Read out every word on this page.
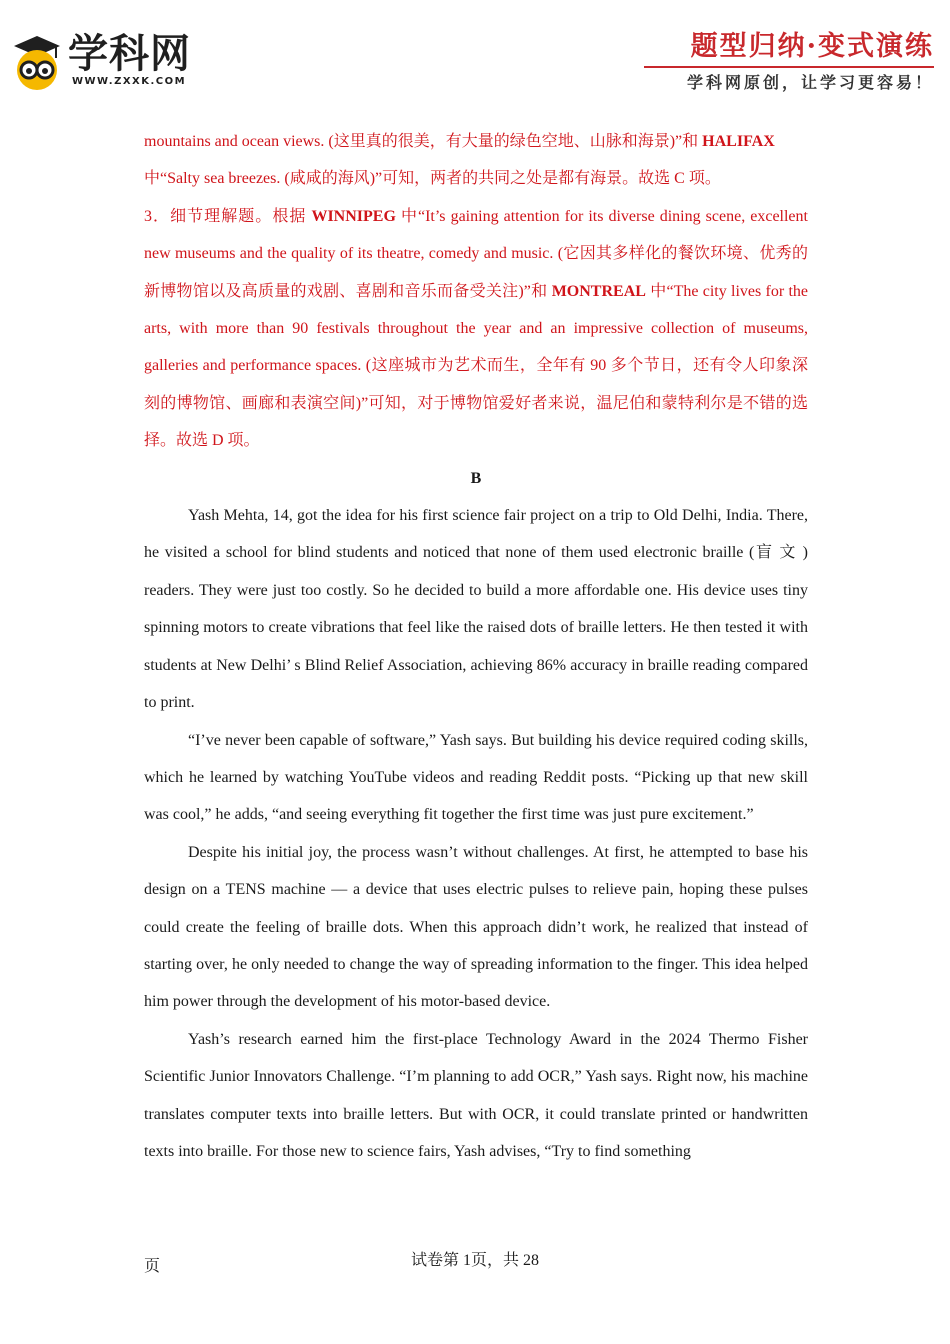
学科网
WWW.ZXXK.COM
题型归纳·变式演练
学科网原创，让学习更容易！

mountains and ocean views. (这里真的很美，有大量的绿色空地、山脉和海景)”和 HALIFAX
中“Salty sea breezes. (咸咸的海风)”可知，两者的共同之处是都有海景。故选 C 项。

3．细节理解题。根据 WINNIPEG 中“It’s gaining attention for its diverse dining scene, excellent new museums and the quality of its theatre, comedy and music. (它因其多样化的餐饮环境、优秀的新博物馆以及高质量的戏剧、喜剧和音乐而备受关注)”和 MONTREAL 中“The city lives for the arts, with more than 90 festivals throughout the year and an impressive collection of museums, galleries and performance spaces. (这座城市为艺术而生，全年有 90 多个节日，还有令人印象深刻的博物馆、画廊和表演空间)”可知，对于博物馆爱好者来说，温尼伯和蒙特利尔是不错的选择。故选 D 项。

B

Yash Mehta, 14, got the idea for his first science fair project on a trip to Old Delhi, India. There, he visited a school for blind students and noticed that none of them used electronic braille (盲 文 ) readers. They were just too costly. So he decided to build a more affordable one. His device uses tiny spinning motors to create vibrations that feel like the raised dots of braille letters. He then tested it with students at New Delhi’ s Blind Relief Association, achieving 86% accuracy in braille reading compared to print.

“I’ve never been capable of software,” Yash says. But building his device required coding skills, which he learned by watching YouTube videos and reading Reddit posts. “Picking up that new skill was cool,” he adds, “and seeing everything fit together the first time was just pure excitement.”

Despite his initial joy, the process wasn’t without challenges. At first, he attempted to base his design on a TENS machine — a device that uses electric pulses to relieve pain, hoping these pulses could create the feeling of braille dots. When this approach didn’t work, he realized that instead of starting over, he only needed to change the way of spreading information to the finger. This idea helped him power through the development of his motor-based device.

Yash’s research earned him the first-place Technology Award in the 2024 Thermo Fisher Scientific Junior Innovators Challenge. “I’m planning to add OCR,” Yash says. Right now, his machine translates computer texts into braille letters. But with OCR, it could translate printed or handwritten texts into braille. For those new to science fairs, Yash advises, “Try to find something

页	试卷第 1页，共 28
